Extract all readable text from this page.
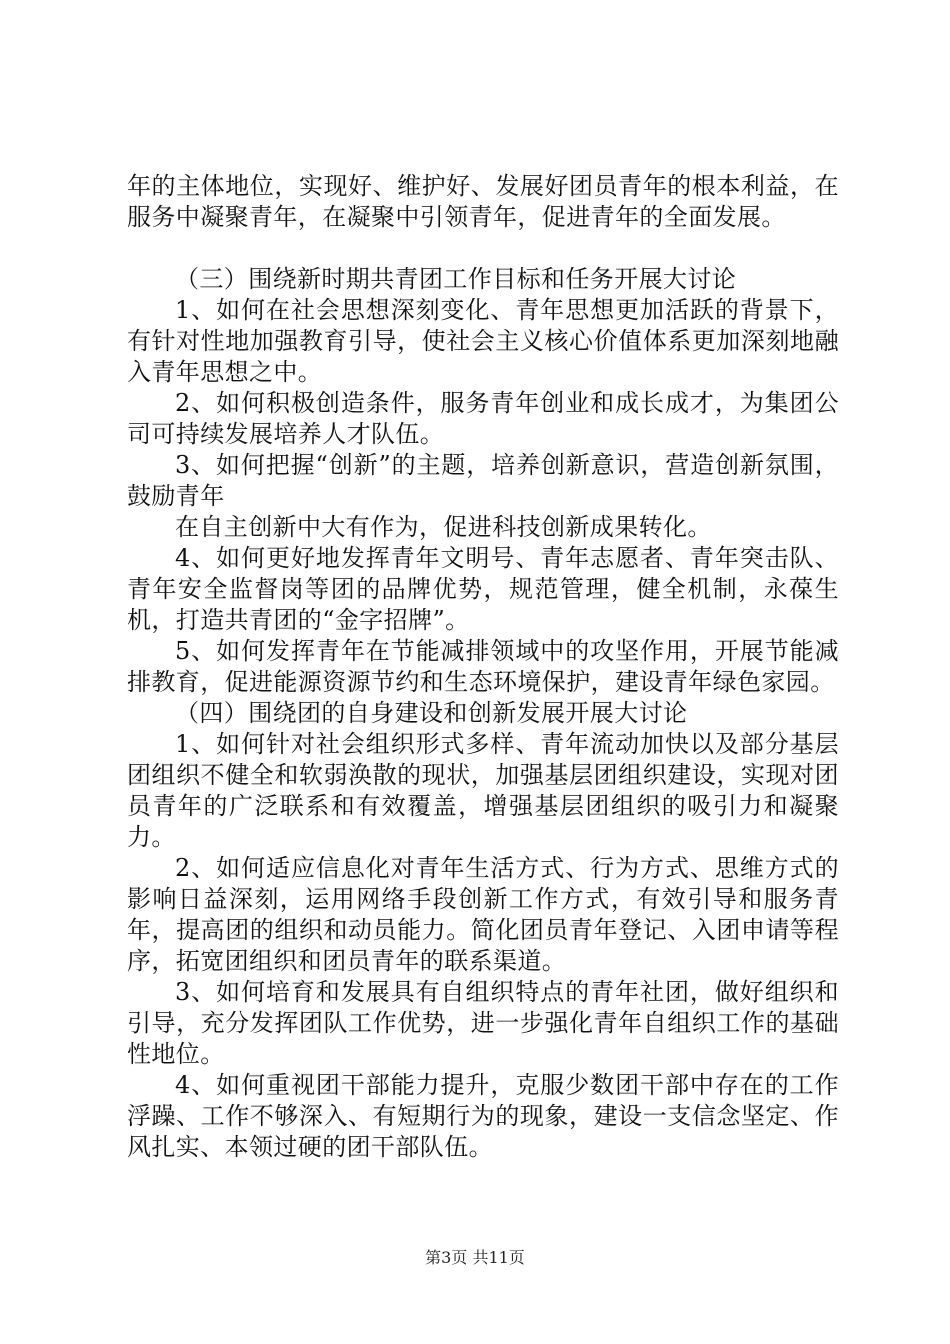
年的主体地位，实现好、维护好、发展好团员青年的根本利益，在服务中凝聚青年，在凝聚中引领青年，促进青年的全面发展。

（三）围绕新时期共青团工作目标和任务开展大讨论

1、如何在社会思想深刻变化、青年思想更加活跃的背景下，有针对性地加强教育引导，使社会主义核心价值体系更加深刻地融入青年思想之中。

2、如何积极创造条件，服务青年创业和成长成才，为集团公司可持续发展培养人才队伍。

3、如何把握“创新”的主题，培养创新意识，营造创新氛围，鼓励青年

在自主创新中大有作为，促进科技创新成果转化。

4、如何更好地发挥青年文明号、青年志愿者、青年突击队、青年安全监督岗等团的品牌优势，规范管理，健全机制，永葆生机，打造共青团的“金字招牌”。

5、如何发挥青年在节能减排领域中的攻坚作用，开展节能减排教育，促进能源资源节约和生态环境保护，建设青年绿色家园。

（四）围绕团的自身建设和创新发展开展大讨论

1、如何针对社会组织形式多样、青年流动加快以及部分基层团组织不健全和软弱涣散的现状，加强基层团组织建设，实现对团员青年的广泛联系和有效覆盖，增强基层团组织的吸引力和凝聚力。

2、如何适应信息化对青年生活方式、行为方式、思维方式的影响日益深刻，运用网络手段创新工作方式，有效引导和服务青年，提高团的组织和动员能力。简化团员青年登记、入团申请等程序，拓宽团组织和团员青年的联系渠道。

3、如何培育和发展具有自组织特点的青年社团，做好组织和引导，充分发挥团队工作优势，进一步强化青年自组织工作的基础性地位。

4、如何重视团干部能力提升，克服少数团干部中存在的工作浮躁、工作不够深入、有短期行为的现象，建设一支信念坚定、作风扎实、本领过硬的团干部队伍。

第3页 共11页
